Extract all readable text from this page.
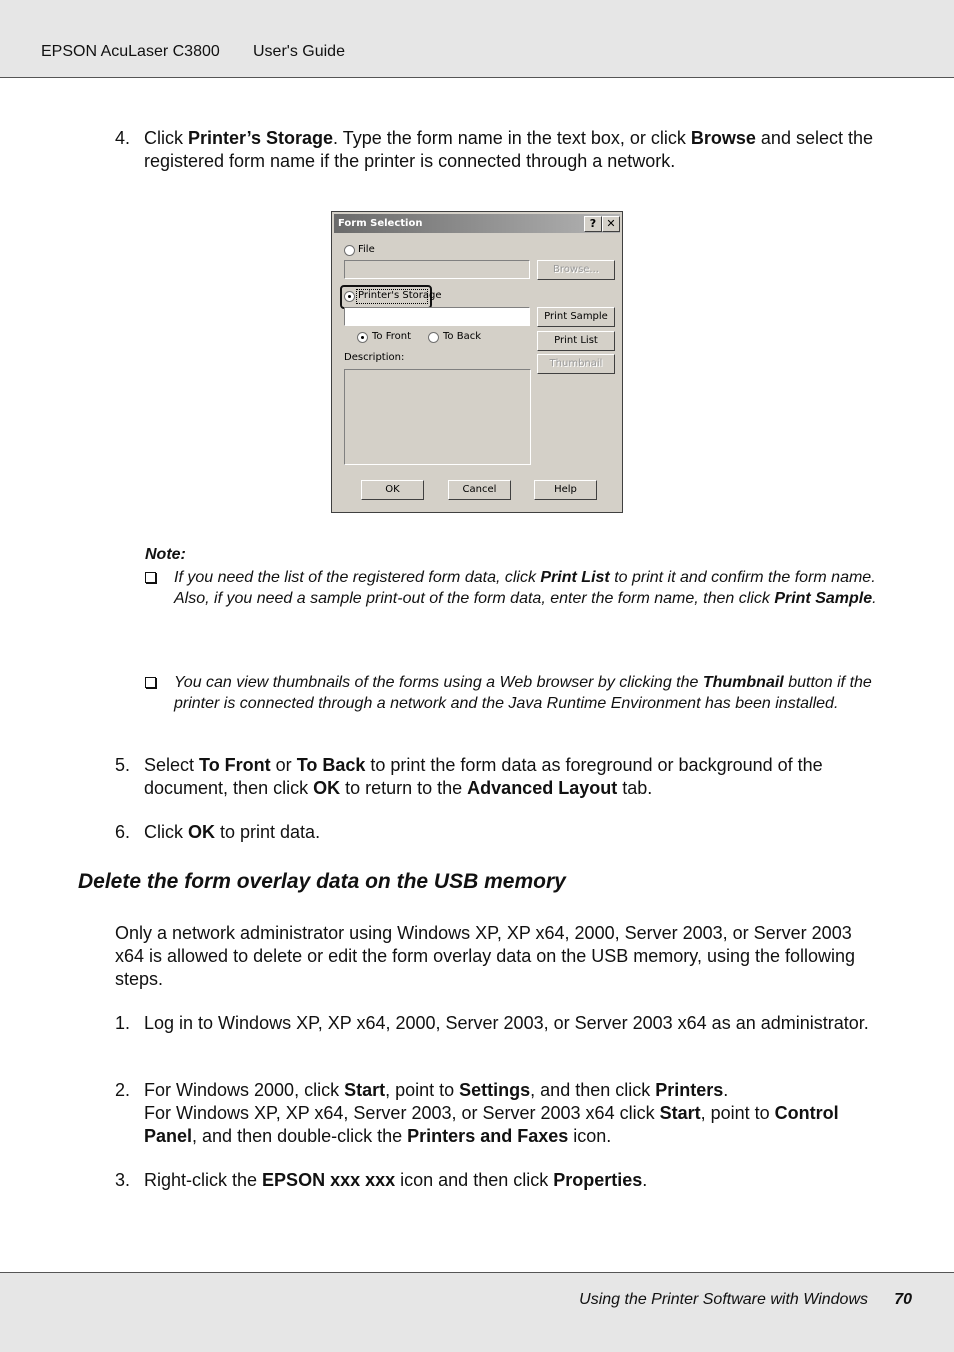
EPSON AcuLaser C3800 User's Guide
4. Click Printer’s Storage. Type the form name in the text box, or click Browse and select the registered form name if the printer is connected through a network.
Form Selection	? ✕
File
Browse...
Printer's Storage
Print Sample
To Front	To Back	Print List
Description:
Thumbnail
OK	Cancel	Help
Note:
If you need the list of the registered form data, click Print List to print it and confirm the form name.
Also, if you need a sample print-out of the form data, enter the form name, then click Print Sample.
You can view thumbnails of the forms using a Web browser by clicking the Thumbnail button if the printer is connected through a network and the Java Runtime Environment has been installed.
5. Select To Front or To Back to print the form data as foreground or background of the document, then click OK to return to the Advanced Layout tab.
6. Click OK to print data.
Delete the form overlay data on the USB memory
Only a network administrator using Windows XP, XP x64, 2000, Server 2003, or Server 2003 x64 is allowed to delete or edit the form overlay data on the USB memory, using the following steps.
1. Log in to Windows XP, XP x64, 2000, Server 2003, or Server 2003 x64 as an administrator.
2. For Windows 2000, click Start, point to Settings, and then click Printers.
For Windows XP, XP x64, Server 2003, or Server 2003 x64 click Start, point to Control Panel, and then double-click the Printers and Faxes icon.
3. Right-click the EPSON xxx xxx icon and then click Properties.
Using the Printer Software with Windows 70
